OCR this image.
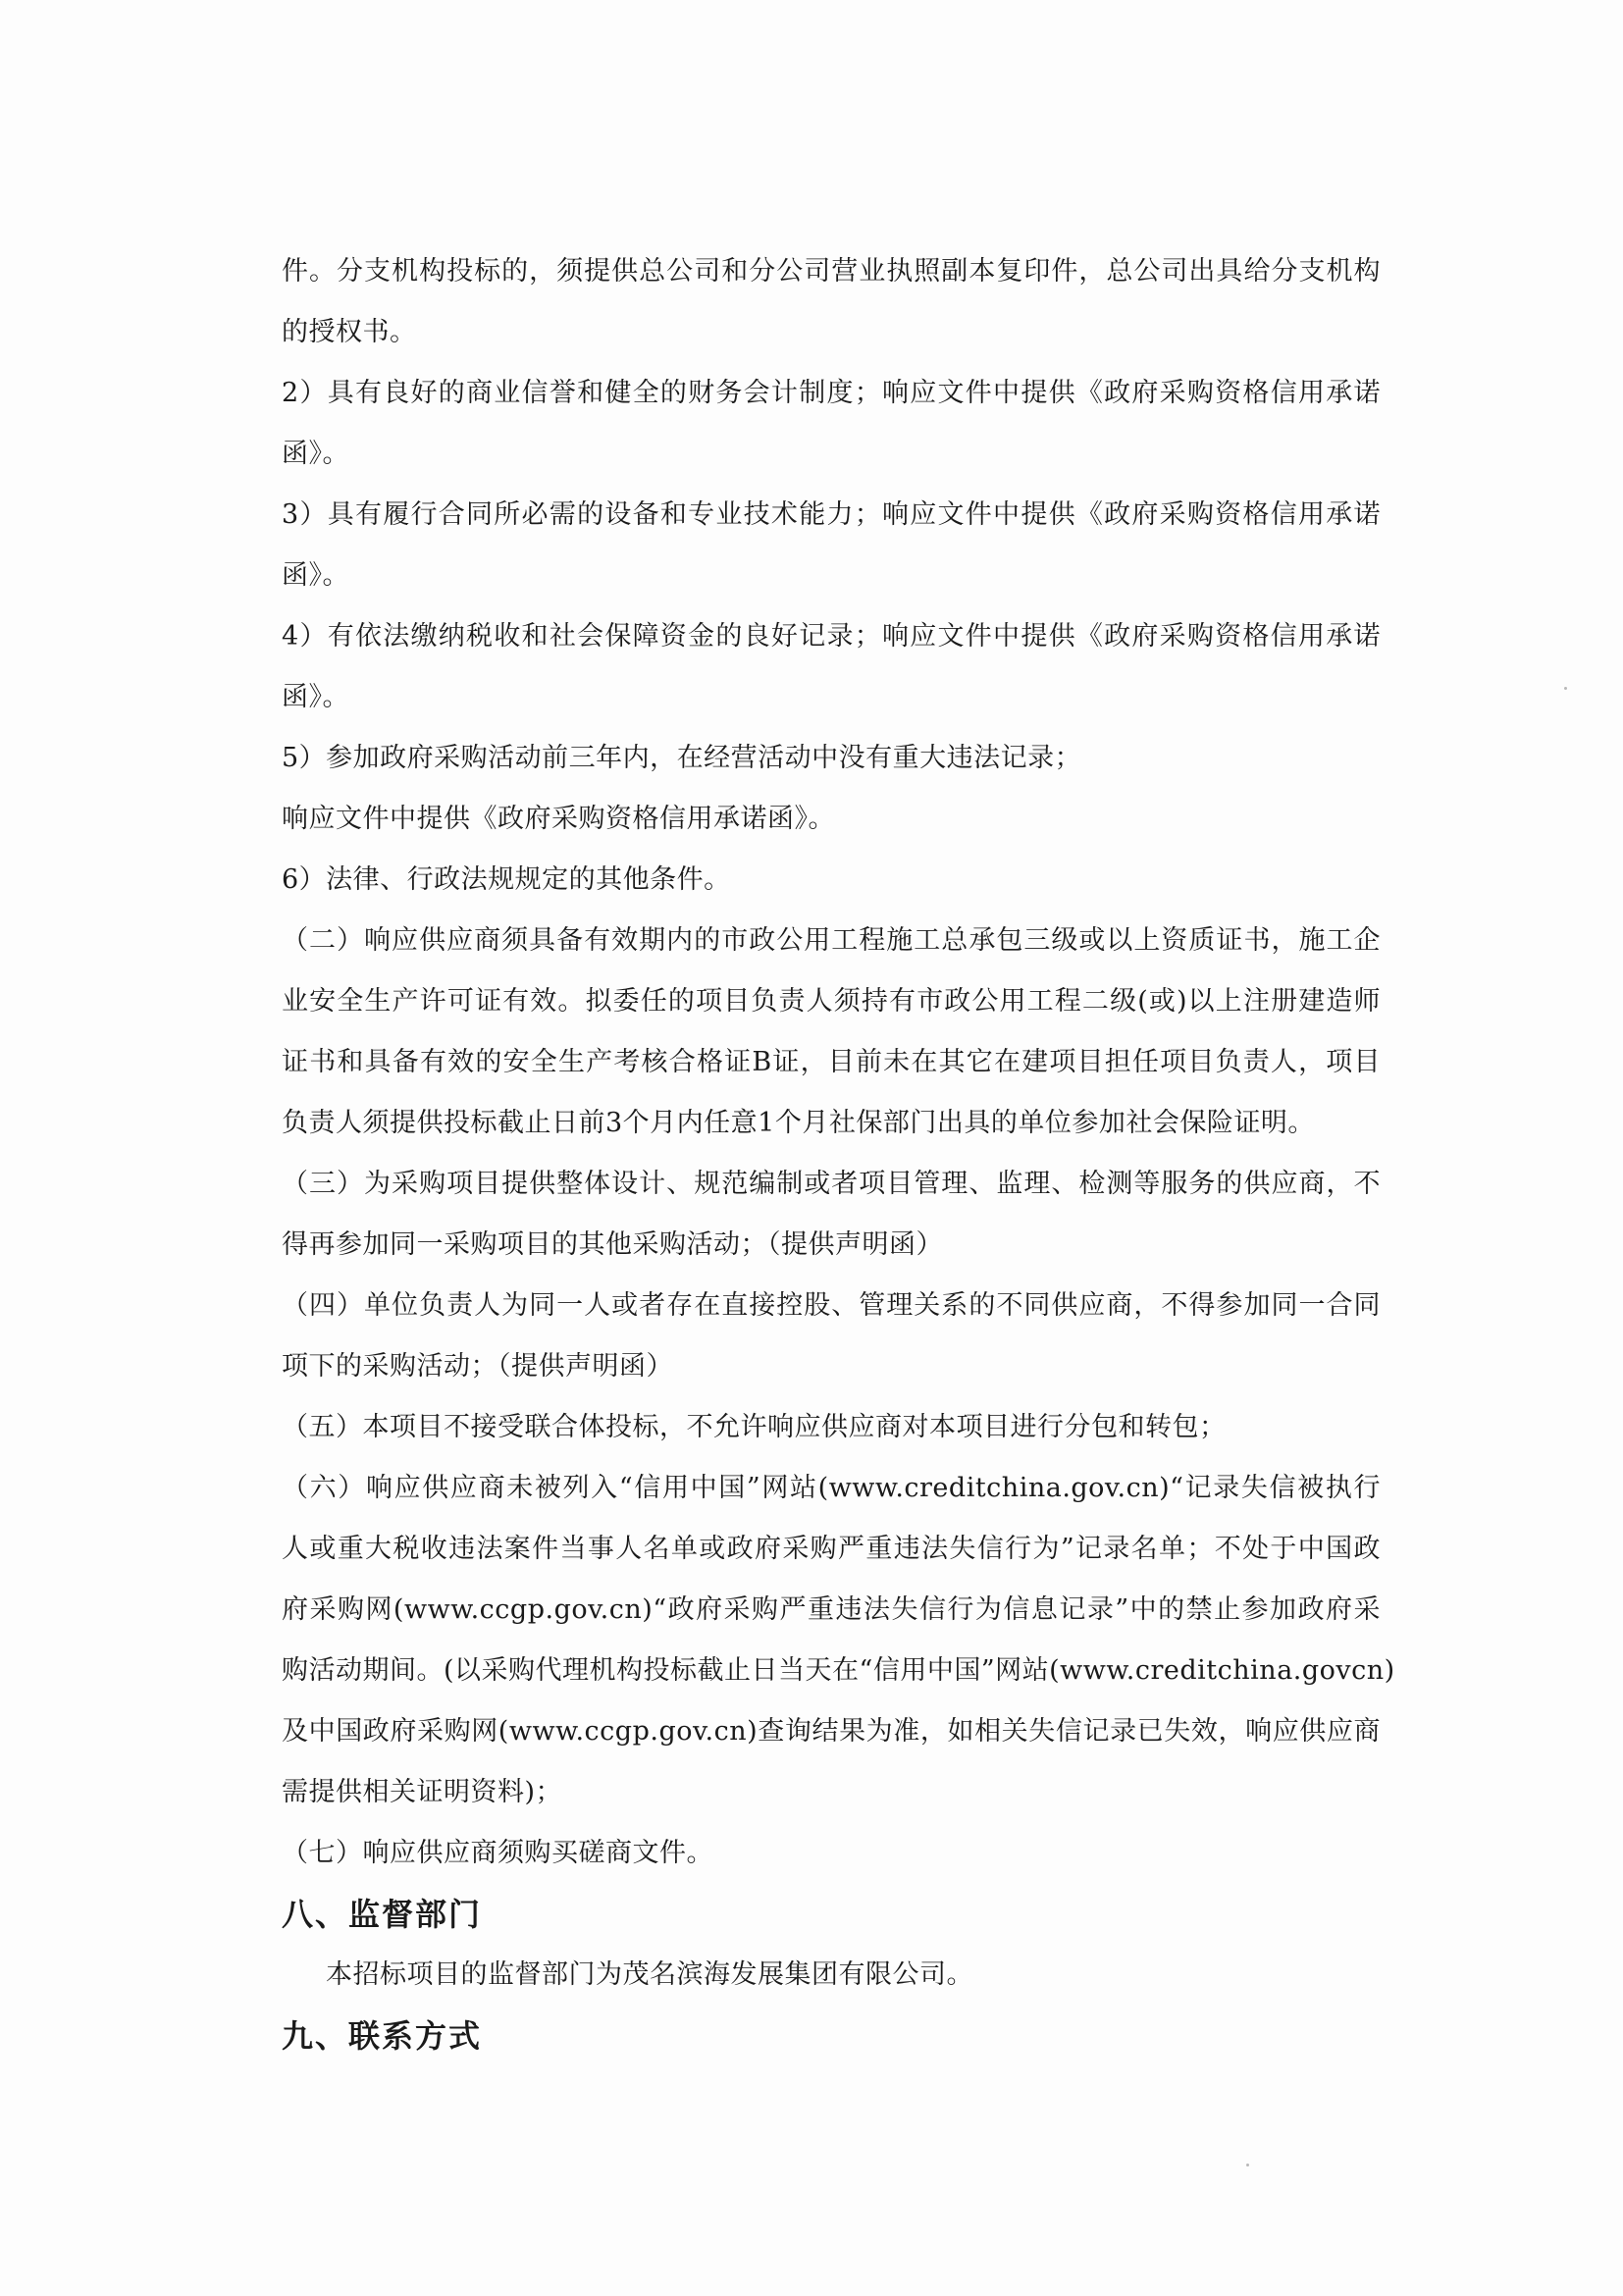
件。分支机构投标的，须提供总公司和分公司营业执照副本复印件，总公司出具给分支机构
的授权书。
2）具有良好的商业信誉和健全的财务会计制度；响应文件中提供《政府采购资格信用承诺
函》。
3）具有履行合同所必需的设备和专业技术能力；响应文件中提供《政府采购资格信用承诺
函》。
4）有依法缴纳税收和社会保障资金的良好记录；响应文件中提供《政府采购资格信用承诺
函》。
5）参加政府采购活动前三年内，在经营活动中没有重大违法记录；
响应文件中提供《政府采购资格信用承诺函》。
6）法律、行政法规规定的其他条件。
（二）响应供应商须具备有效期内的市政公用工程施工总承包三级或以上资质证书，施工企
业安全生产许可证有效。拟委任的项目负责人须持有市政公用工程二级(或)以上注册建造师
证书和具备有效的安全生产考核合格证B证，目前未在其它在建项目担任项目负责人，项目
负责人须提供投标截止日前3个月内任意1个月社保部门出具的单位参加社会保险证明。
（三）为采购项目提供整体设计、规范编制或者项目管理、监理、检测等服务的供应商，不
得再参加同一采购项目的其他采购活动；（提供声明函）
（四）单位负责人为同一人或者存在直接控股、管理关系的不同供应商，不得参加同一合同
项下的采购活动；（提供声明函）
（五）本项目不接受联合体投标，不允许响应供应商对本项目进行分包和转包；
（六）响应供应商未被列入“信用中国”网站(www.creditchina.gov.cn)“记录失信被执行
人或重大税收违法案件当事人名单或政府采购严重违法失信行为”记录名单；不处于中国政
府采购网(www.ccgp.gov.cn)“政府采购严重违法失信行为信息记录”中的禁止参加政府采
购活动期间。(以采购代理机构投标截止日当天在“信用中国”网站(www.creditchina.govcn)
及中国政府采购网(www.ccgp.gov.cn)查询结果为准，如相关失信记录已失效，响应供应商
需提供相关证明资料)；
（七）响应供应商须购买磋商文件。
八、监督部门
本招标项目的监督部门为茂名滨海发展集团有限公司。
九、联系方式
